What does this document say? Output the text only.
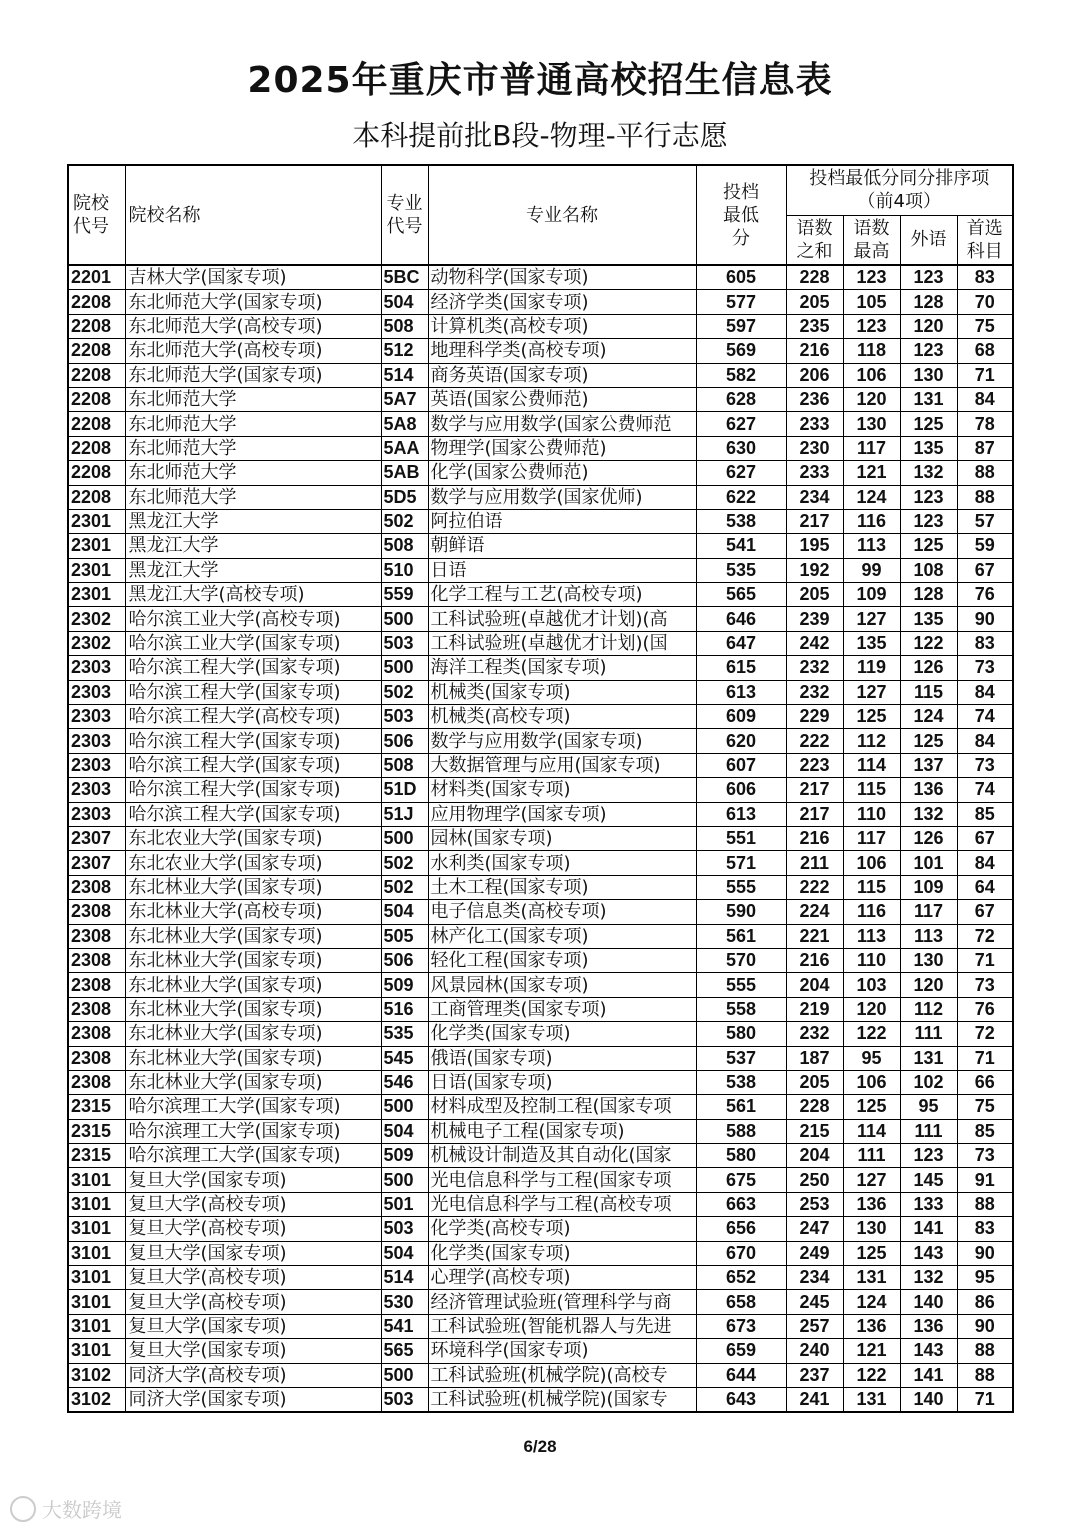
2025年重庆市普通高校招生信息表
本科提前批B段-物理-平行志愿
院校代号	院校名称	专业代号	专业名称	投档最低分	投档最低分同分排序项
（前4项）			

					语数之和	语数最高	外语	首选科目
2201	吉林大学(国家专项)	5BC	动物科学(国家专项)	605	228	123	123	83
2208	东北师范大学(国家专项)	504	经济学类(国家专项)	577	205	105	128	70
2208	东北师范大学(高校专项)	508	计算机类(高校专项)	597	235	123	120	75
2208	东北师范大学(高校专项)	512	地理科学类(高校专项)	569	216	118	123	68
2208	东北师范大学(国家专项)	514	商务英语(国家专项)	582	206	106	130	71
2208	东北师范大学	5A7	英语(国家公费师范)	628	236	120	131	84
2208	东北师范大学	5A8	数学与应用数学(国家公费师范	627	233	130	125	78
2208	东北师范大学	5AA	物理学(国家公费师范)	630	230	117	135	87
2208	东北师范大学	5AB	化学(国家公费师范)	627	233	121	132	88
2208	东北师范大学	5D5	数学与应用数学(国家优师)	622	234	124	123	88
2301	黑龙江大学	502	阿拉伯语	538	217	116	123	57
2301	黑龙江大学	508	朝鲜语	541	195	113	125	59
2301	黑龙江大学	510	日语	535	192	99	108	67
2301	黑龙江大学(高校专项)	559	化学工程与工艺(高校专项)	565	205	109	128	76
2302	哈尔滨工业大学(高校专项)	500	工科试验班(卓越优才计划)(高	646	239	127	135	90
2302	哈尔滨工业大学(国家专项)	503	工科试验班(卓越优才计划)(国	647	242	135	122	83
2303	哈尔滨工程大学(国家专项)	500	海洋工程类(国家专项)	615	232	119	126	73
2303	哈尔滨工程大学(国家专项)	502	机械类(国家专项)	613	232	127	115	84
2303	哈尔滨工程大学(高校专项)	503	机械类(高校专项)	609	229	125	124	74
2303	哈尔滨工程大学(国家专项)	506	数学与应用数学(国家专项)	620	222	112	125	84
2303	哈尔滨工程大学(国家专项)	508	大数据管理与应用(国家专项)	607	223	114	137	73
2303	哈尔滨工程大学(国家专项)	51D	材料类(国家专项)	606	217	115	136	74
2303	哈尔滨工程大学(国家专项)	51J	应用物理学(国家专项)	613	217	110	132	85
2307	东北农业大学(国家专项)	500	园林(国家专项)	551	216	117	126	67
2307	东北农业大学(国家专项)	502	水利类(国家专项)	571	211	106	101	84
2308	东北林业大学(国家专项)	502	土木工程(国家专项)	555	222	115	109	64
2308	东北林业大学(高校专项)	504	电子信息类(高校专项)	590	224	116	117	67
2308	东北林业大学(国家专项)	505	林产化工(国家专项)	561	221	113	113	72
2308	东北林业大学(国家专项)	506	轻化工程(国家专项)	570	216	110	130	71
2308	东北林业大学(国家专项)	509	风景园林(国家专项)	555	204	103	120	73
2308	东北林业大学(国家专项)	516	工商管理类(国家专项)	558	219	120	112	76
2308	东北林业大学(国家专项)	535	化学类(国家专项)	580	232	122	111	72
2308	东北林业大学(国家专项)	545	俄语(国家专项)	537	187	95	131	71
2308	东北林业大学(国家专项)	546	日语(国家专项)	538	205	106	102	66
2315	哈尔滨理工大学(国家专项)	500	材料成型及控制工程(国家专项	561	228	125	95	75
2315	哈尔滨理工大学(国家专项)	504	机械电子工程(国家专项)	588	215	114	111	85
2315	哈尔滨理工大学(国家专项)	509	机械设计制造及其自动化(国家	580	204	111	123	73
3101	复旦大学(国家专项)	500	光电信息科学与工程(国家专项	675	250	127	145	91
3101	复旦大学(高校专项)	501	光电信息科学与工程(高校专项	663	253	136	133	88
3101	复旦大学(高校专项)	503	化学类(高校专项)	656	247	130	141	83
3101	复旦大学(国家专项)	504	化学类(国家专项)	670	249	125	143	90
3101	复旦大学(高校专项)	514	心理学(高校专项)	652	234	131	132	95
3101	复旦大学(高校专项)	530	经济管理试验班(管理科学与商	658	245	124	140	86
3101	复旦大学(国家专项)	541	工科试验班(智能机器人与先进	673	257	136	136	90
3101	复旦大学(国家专项)	565	环境科学(国家专项)	659	240	121	143	88
3102	同济大学(高校专项)	500	工科试验班(机械学院)(高校专	644	237	122	141	88
3102	同济大学(国家专项)	503	工科试验班(机械学院)(国家专	643	241	131	140	71
6/28
大数跨境
